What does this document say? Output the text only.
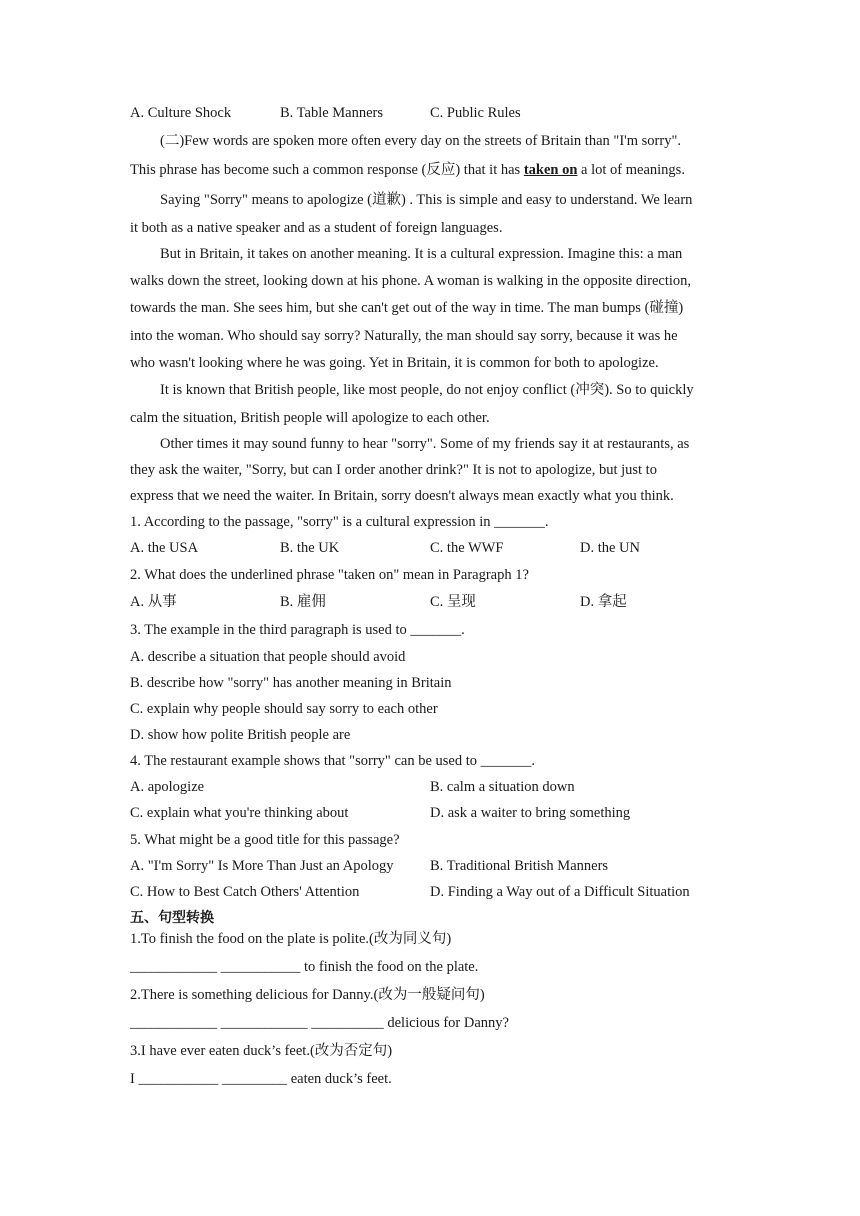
A. Culture Shock	B. Table Manners	C. Public Rules
(二)Few words are spoken more often every day on the streets of Britain than "I'm sorry".
This phrase has become such a common response (反应) that it has taken on a lot of meanings.
Saying "Sorry" means to apologize (道歉) . This is simple and easy to understand. We learn
it both as a native speaker and as a student of foreign languages.
But in Britain, it takes on another meaning. It is a cultural expression. Imagine this: a man
walks down the street, looking down at his phone. A woman is walking in the opposite direction,
towards the man. She sees him, but she can't get out of the way in time. The man bumps (碰撞)
into the woman. Who should say sorry? Naturally, the man should say sorry, because it was he
who wasn't looking where he was going. Yet in Britain, it is common for both to apologize.
It is known that British people, like most people, do not enjoy conflict (冲突). So to quickly
calm the situation, British people will apologize to each other.
Other times it may sound funny to hear "sorry". Some of my friends say it at restaurants, as
they ask the waiter, "Sorry, but can I order another drink?" It is not to apologize, but just to
express that we need the waiter. In Britain, sorry doesn't always mean exactly what you think.
1. According to the passage, "sorry" is a cultural expression in _______.
A. the USA	B. the UK	C. the WWF	D. the UN
2. What does the underlined phrase "taken on" mean in Paragraph 1?
A. 从事	B. 雇佣	C. 呈现	D. 拿起
3. The example in the third paragraph is used to _______.
A. describe a situation that people should avoid
B. describe how "sorry" has another meaning in Britain
C. explain why people should say sorry to each other
D. show how polite British people are
4. The restaurant example shows that "sorry" can be used to _______.
A. apologize	B. calm a situation down
C. explain what you're thinking about	D. ask a waiter to bring something
5. What might be a good title for this passage?
A. "I'm Sorry" Is More Than Just an Apology	B. Traditional British Manners
C. How to Best Catch Others' Attention	D. Finding a Way out of a Difficult Situation
五、句型转换
1.To finish the food on the plate is polite.(改为同义句)
____________ ___________ to finish the food on the plate.
2.There is something delicious for Danny.(改为一般疑问句)
____________ ____________ __________ delicious for Danny?
3.I have ever eaten duck’s feet.(改为否定句)
I ___________ _________ eaten duck’s feet.
